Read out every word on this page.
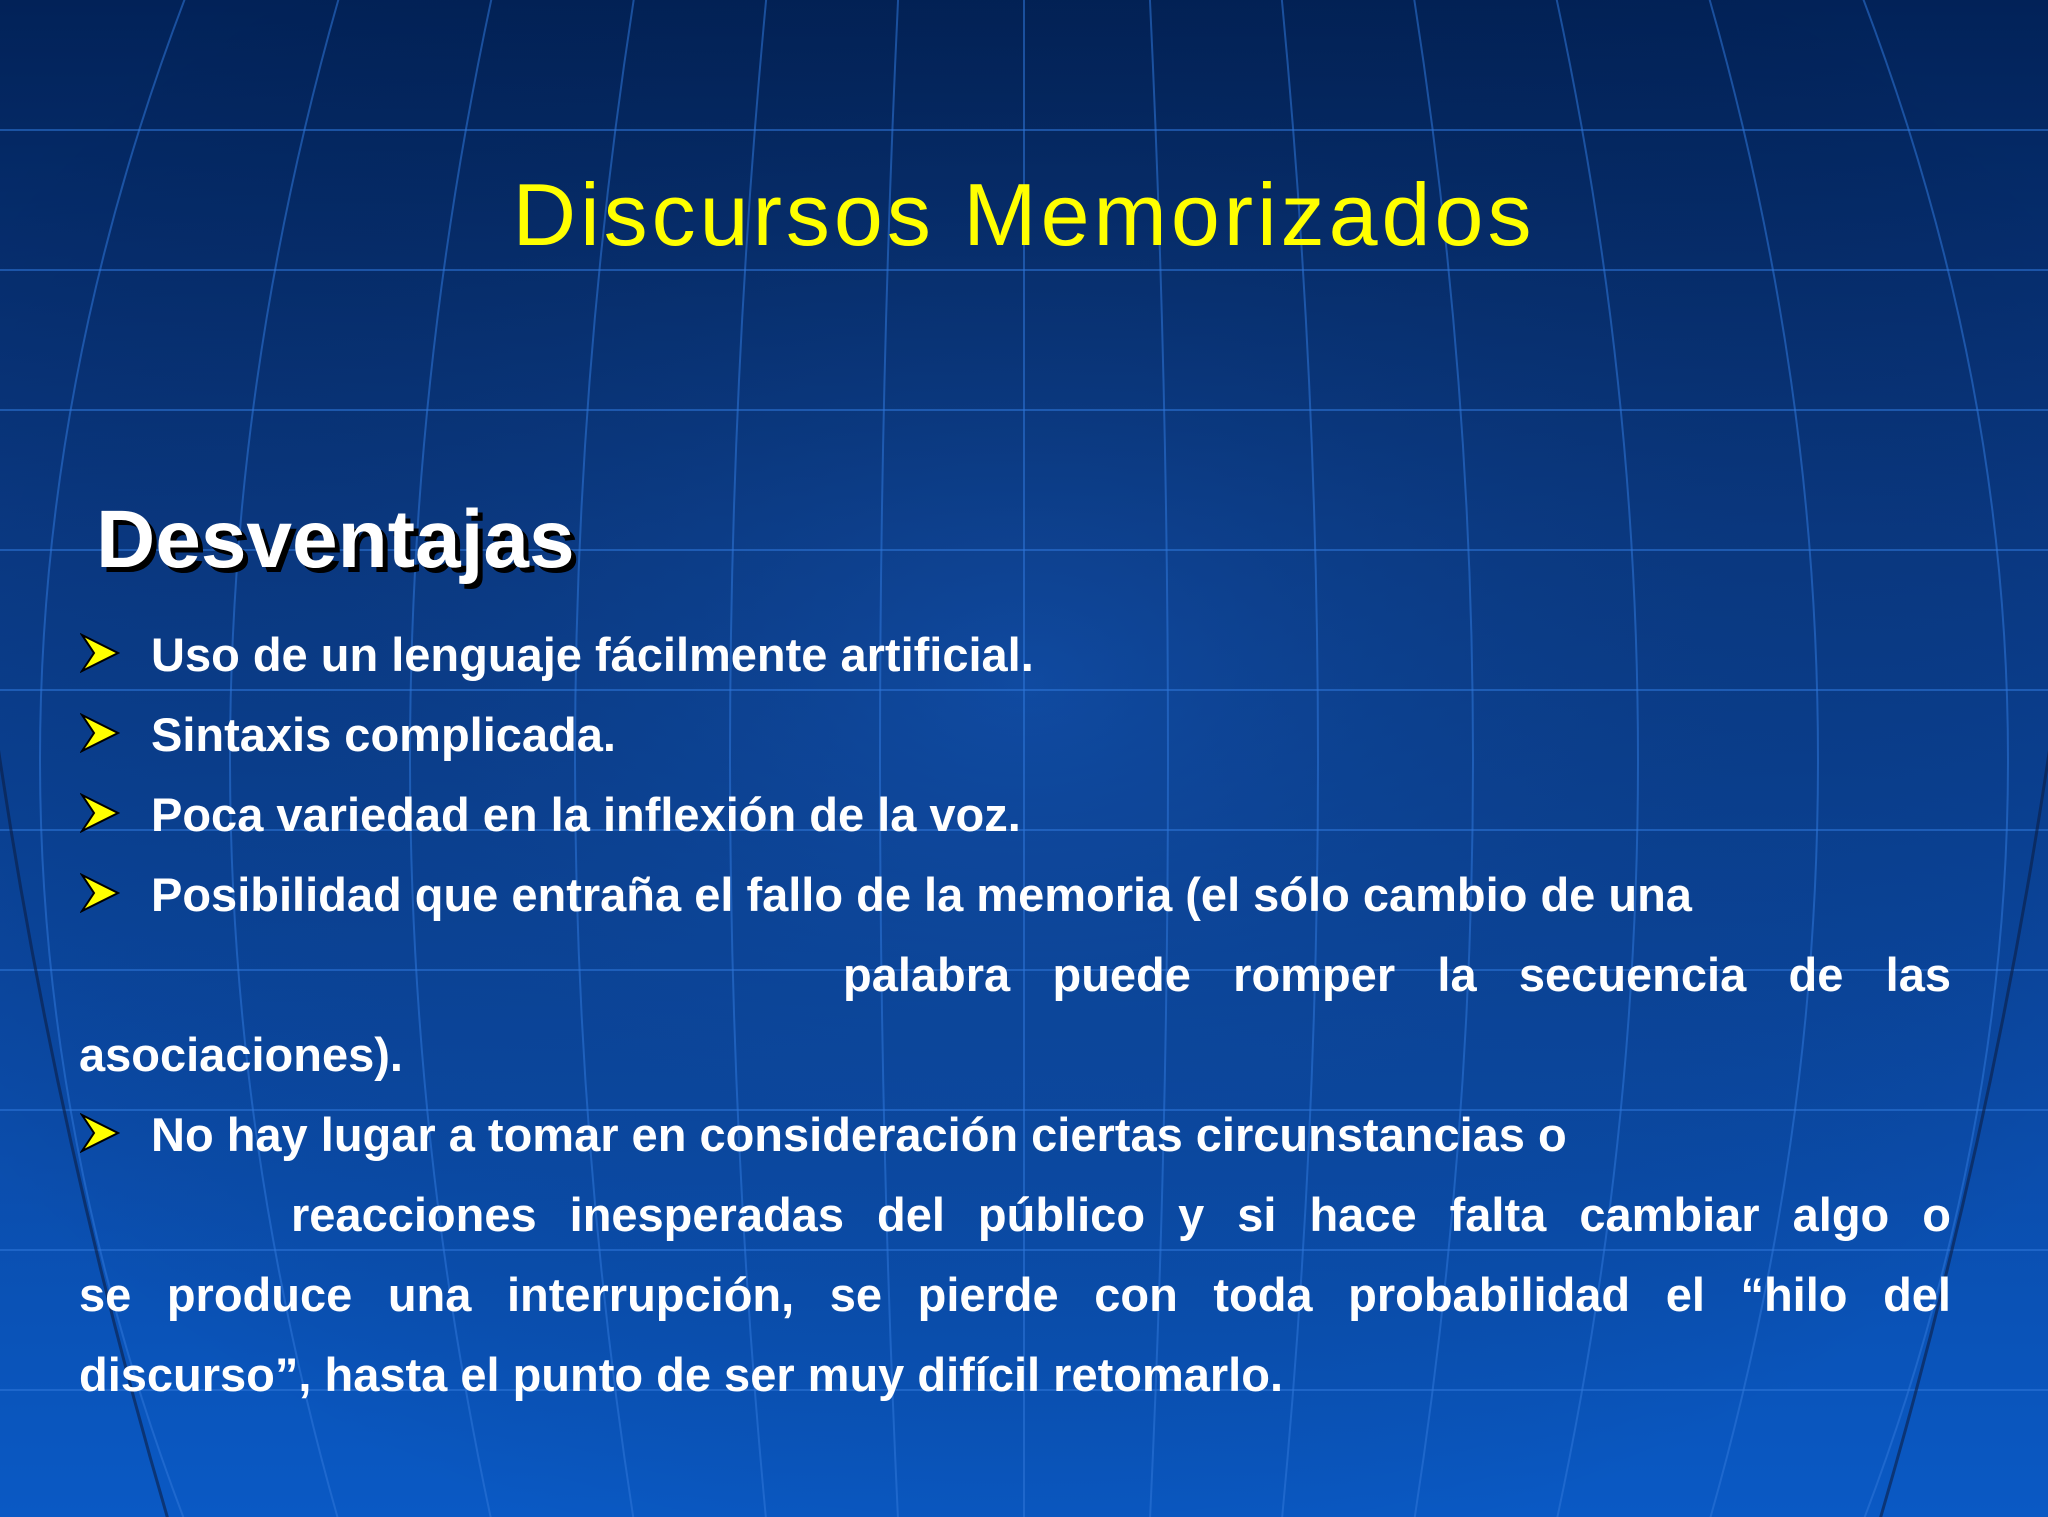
Discursos Memorizados
Desventajas

Uso de un lenguaje fácilmente artificial.

Sintaxis complicada.

Poca variedad en la inflexión de la voz.

Posibilidad que entraña el fallo de la memoria (el sólo cambio de una

palabra puede romper la secuencia de las

asociaciones).

No hay lugar a tomar en consideración ciertas circunstancias o

reacciones inesperadas del público y si hace falta cambiar algo o

se produce una interrupción, se pierde con toda probabilidad el “hilo del

discurso”, hasta el punto de ser muy difícil retomarlo.
